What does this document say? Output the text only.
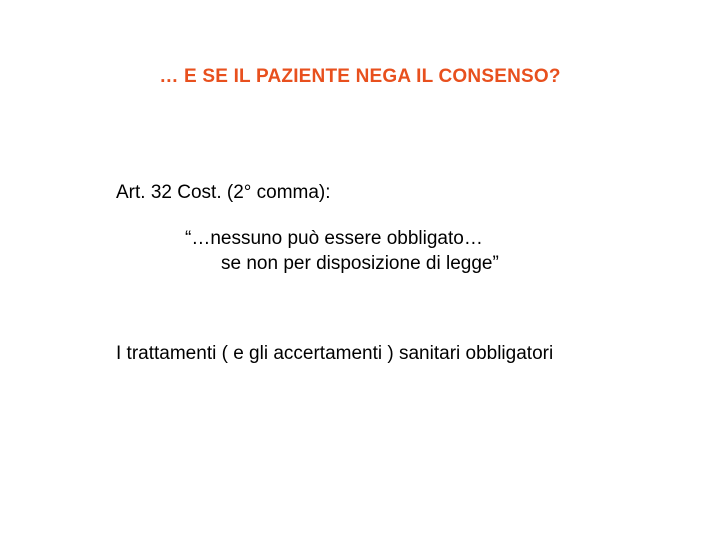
… E SE IL PAZIENTE NEGA IL CONSENSO?
Art. 32 Cost. (2° comma):
“…nessuno può essere obbligato…
se non per disposizione di legge”
I trattamenti ( e gli accertamenti ) sanitari obbligatori
